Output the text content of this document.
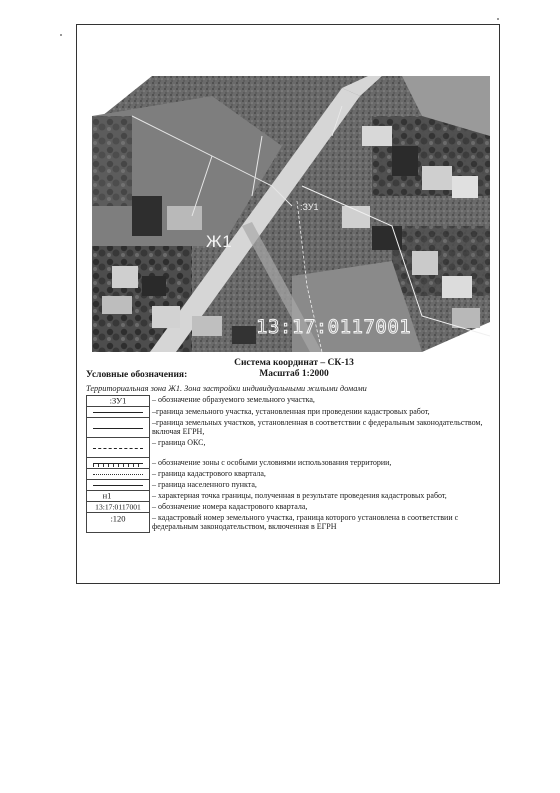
Ж1
:ЗУ1
13:17:0117001
Система координат – СК-13
Масштаб 1:2000
Условные обозначения:
Территориальная зона Ж1. Зона застройки индивидуальными жилыми домами
:ЗУ1	– обозначение образуемого земельного участка,
–граница земельного участка, установленная при проведении кадастровых работ,
–граница земельных участков, установленная в соответствии с федеральным законодательством, включая ЕГРН,
– граница ОКС,
– обозначение зоны с особыми условиями использования территории,
– граница кадастрового квартала,
– граница населенного пункта,
н1	– характерная точка границы, полученная в результате проведения кадастровых работ,
13:17:0117001	– обозначение номера кадастрового квартала,
:120	– кадастровый номер земельного участка, граница которого установлена в соответствии с федеральным законодательством, включенная в ЕГРН
